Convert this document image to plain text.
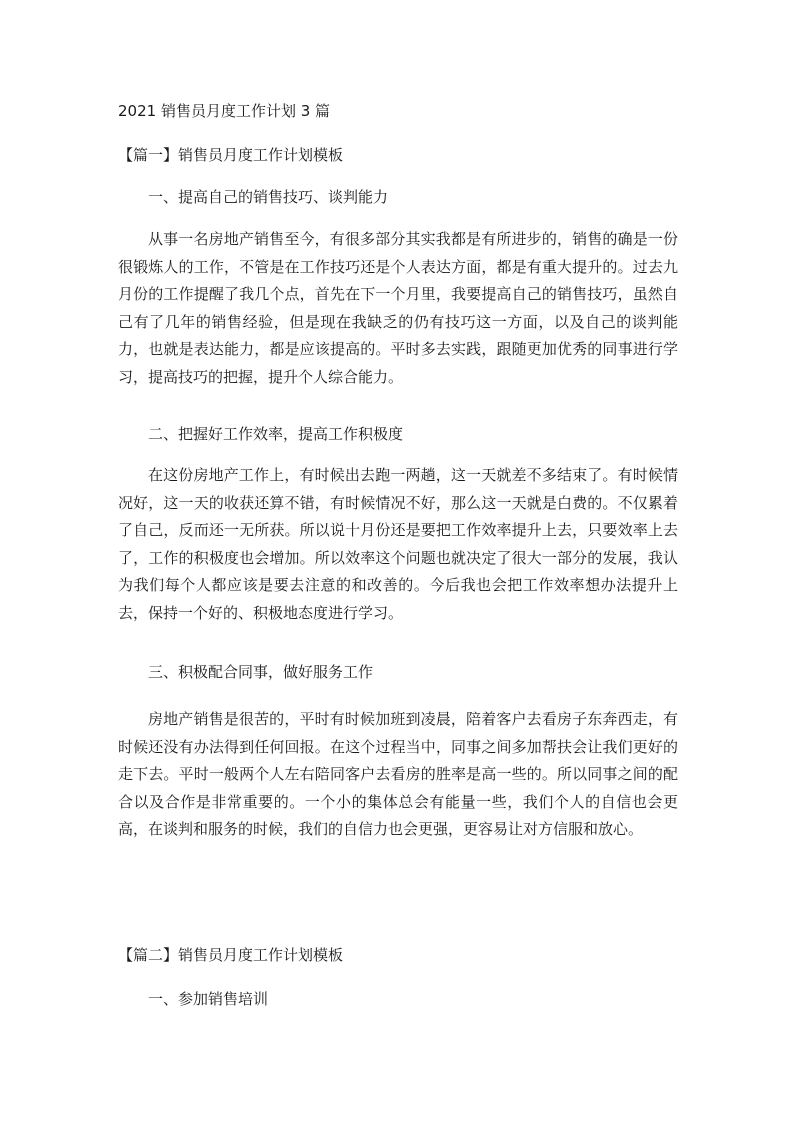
2021 销售员月度工作计划 3 篇
【篇一】销售员月度工作计划模板
一、提高自己的销售技巧、谈判能力

从事一名房地产销售至今，有很多部分其实我都是有所进步的，销售的确是一份很锻炼人的工作，不管是在工作技巧还是个人表达方面，都是有重大提升的。过去九月份的工作提醒了我几个点，首先在下一个月里，我要提高自己的销售技巧，虽然自己有了几年的销售经验，但是现在我缺乏的仍有技巧这一方面，以及自己的谈判能力，也就是表达能力，都是应该提高的。平时多去实践，跟随更加优秀的同事进行学习，提高技巧的把握，提升个人综合能力。

二、把握好工作效率，提高工作积极度

在这份房地产工作上，有时候出去跑一两趟，这一天就差不多结束了。有时候情况好，这一天的收获还算不错，有时候情况不好，那么这一天就是白费的。不仅累着了自己，反而还一无所获。所以说十月份还是要把工作效率提升上去，只要效率上去了，工作的积极度也会增加。所以效率这个问题也就决定了很大一部分的发展，我认为我们每个人都应该是要去注意的和改善的。今后我也会把工作效率想办法提升上去，保持一个好的、积极地态度进行学习。

三、积极配合同事，做好服务工作

房地产销售是很苦的，平时有时候加班到凌晨，陪着客户去看房子东奔西走，有时候还没有办法得到任何回报。在这个过程当中，同事之间多加帮扶会让我们更好的走下去。平时一般两个人左右陪同客户去看房的胜率是高一些的。所以同事之间的配合以及合作是非常重要的。一个小的集体总会有能量一些，我们个人的自信也会更高，在谈判和服务的时候，我们的自信力也会更强，更容易让对方信服和放心。

【篇二】销售员月度工作计划模板
一、参加销售培训
